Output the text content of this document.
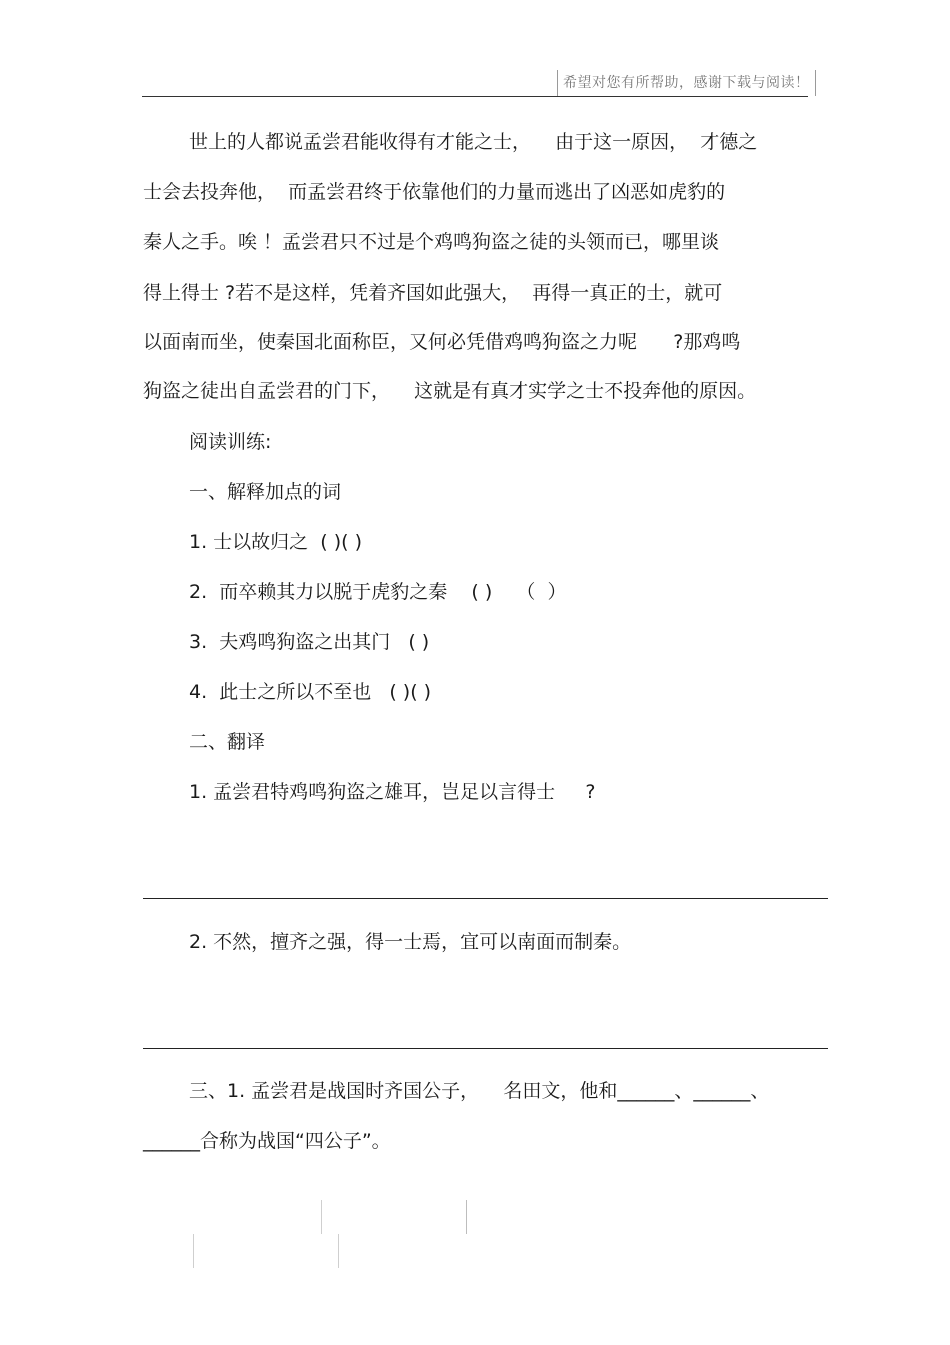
希望对您有所帮助，感谢下载与阅读！
世上的人都说孟尝君能收得有才能之士，    由于这一原因，  才德之
士会去投奔他，  而孟尝君终于依靠他们的力量而逃出了凶恶如虎豹的
秦人之手。唉 ！孟尝君只不过是个鸡鸣狗盗之徒的头领而已，哪里谈
得上得士 ?若不是这样，凭着齐国如此强大，  再得一真正的士，就可
以面南而坐，使秦国北面称臣，又何必凭借鸡鸣狗盗之力呢      ?那鸡鸣
狗盗之徒出自孟尝君的门下，    这就是有真才实学之士不投奔他的原因。
阅读训练:
一、解释加点的词
1. 士以故归之  ( )( )
2.  而卒赖其力以脱于虎豹之秦    ( )    （  ）
3.  夫鸡鸣狗盗之出其门   ( )
4.  此士之所以不至也   ( )( )
二、翻译
1. 孟尝君特鸡鸣狗盗之雄耳，岂足以言得士     ?
2. 不然，擅齐之强，得一士焉，宜可以南面而制秦。
三、1. 孟尝君是战国时齐国公子，    名田文，他和______、______、
______合称为战国“四公子”。
